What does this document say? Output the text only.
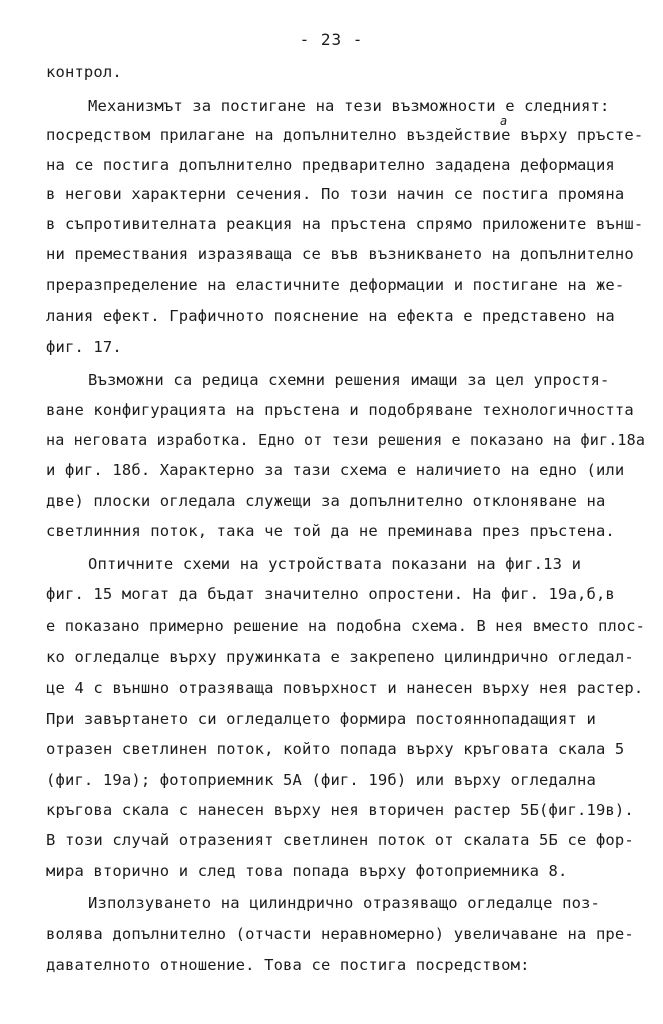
- 23 -
контрол.
Механизмът за постигане на тези възможности е следният:
посредством прилагане на допълнително въздействие върху пръсте-
на се постига допълнително предварително зададена деформация
в негови характерни сечения. По този начин се постига промяна
в съпротивителната реакция на пръстена спрямо приложените външ-
ни премествания изразяваща се във възникването на допълнително
преразпределение на еластичните деформации и постигане на же-
лания ефект. Графичното пояснение на ефекта е представено на
фиг. 17.
Възможни са редица схемни решения имащи за цел упростя-
ване конфигурацията на пръстена и подобряване технологичността
на неговата изработка. Едно от тези решения е показано на фиг.18а
и фиг. 18б. Характерно за тази схема е наличието на едно (или
две) плоски огледала служещи за допълнително отклоняване на
светлинния поток, така че той да не преминава през пръстена.
Оптичните схеми на устройствата показани на фиг.13 и
фиг. 15 могат да бъдат значително опростени. На фиг. 19а,б,в
е показано примерно решение на подобна схема. В нея вместо плос-
ко огледалце върху пружинката е закрепено цилиндрично огледал-
це 4 с външно отразяваща повърхност и нанесен върху нея растер.
При завъртането си огледалцето формира постояннопадащият и
отразен светлинен поток, който попада върху кръговата скала 5
(фиг. 19а); фотоприемник 5А (фиг. 19б) или върху огледална
кръгова скала с нанесен върху нея вторичен растер 5Б(фиг.19в).
В този случай отразеният светлинен поток от скалата 5Б се фор-
мира вторично и след това попада върху фотоприемника 8.
Използуването на цилиндрично отразяващо огледалце поз-
волява допълнително (отчасти неравномерно) увеличаване на пре-
давателното отношение. Това се постига посредством:
а
